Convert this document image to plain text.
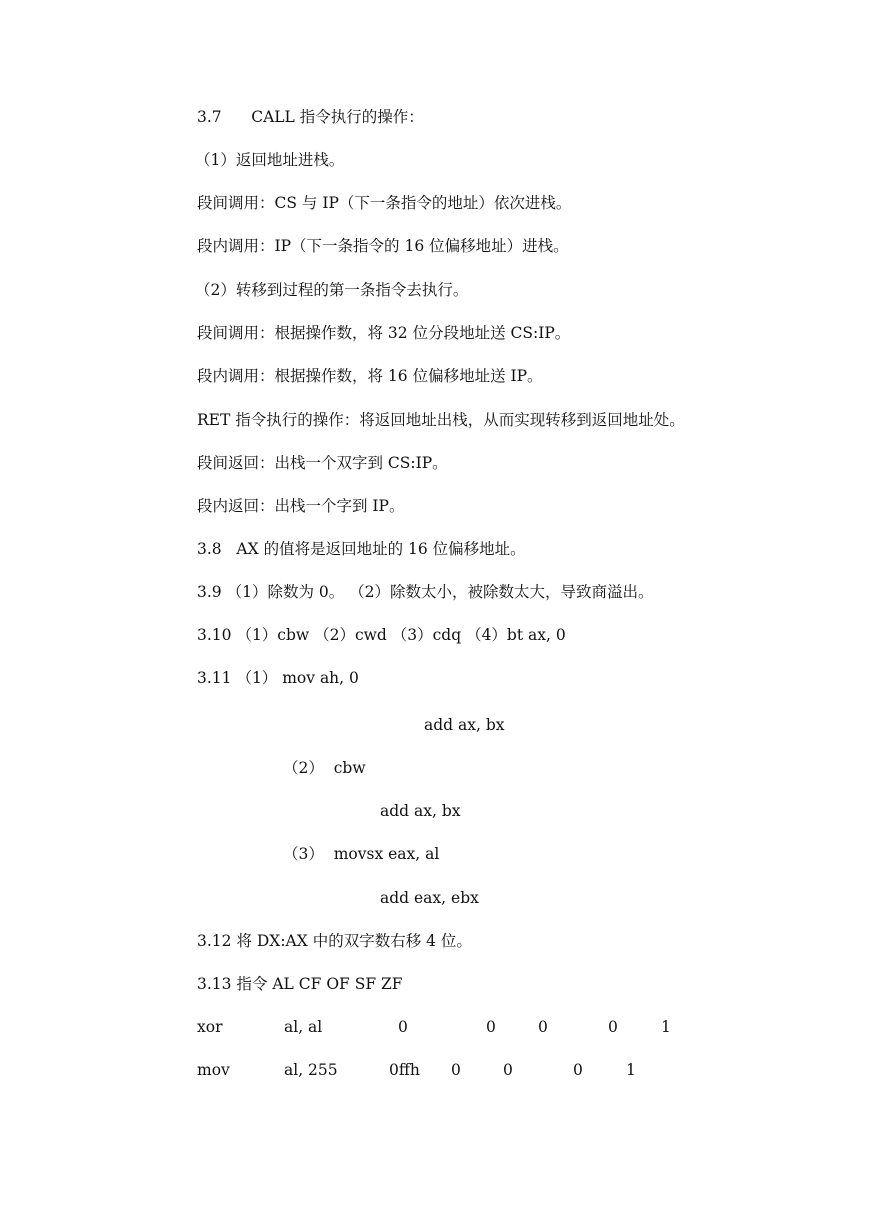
3.7      CALL 指令执行的操作：
（1）返回地址进栈。
段间调用：CS 与 IP（下一条指令的地址）依次进栈。
段内调用：IP（下一条指令的 16 位偏移地址）进栈。
（2）转移到过程的第一条指令去执行。
段间调用：根据操作数，将 32 位分段地址送 CS:IP。
段内调用：根据操作数，将 16 位偏移地址送 IP。
RET 指令执行的操作：将返回地址出栈，从而实现转移到返回地址处。
段间返回：出栈一个双字到 CS:IP。
段内返回：出栈一个字到 IP。
3.8   AX 的值将是返回地址的 16 位偏移地址。
3.9 （1）除数为 0。 （2）除数太小，被除数太大，导致商溢出。
3.10 （1）cbw （2）cwd （3）cdq （4）bt ax, 0
3.11 （1） mov ah, 0
add ax, bx
（2）  cbw
add ax, bx
（3）  movsx eax, al
add eax, ebx
3.12 将 DX:AX 中的双字数右移 4 位。
3.13 指令 AL CF OF SF ZF
xor	al, al	0	0	0	0	1
mov	al, 255	0ffh 0	0	0	1
